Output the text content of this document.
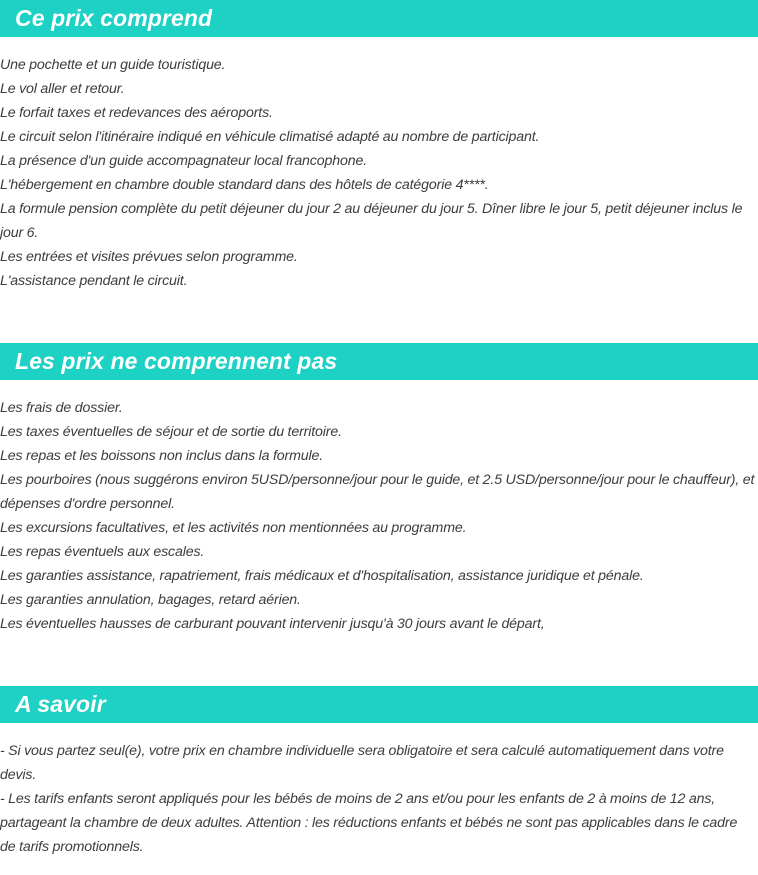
Ce prix comprend
Une pochette et un guide touristique.
Le vol aller et retour.
Le forfait taxes et redevances des aéroports.
Le circuit selon l'itinéraire indiqué en véhicule climatisé adapté au nombre de participant.
La présence d'un guide accompagnateur local francophone.
L'hébergement en chambre double standard dans des hôtels de catégorie 4****.
La formule pension complète du petit déjeuner du jour 2 au déjeuner du jour 5. Dîner libre le jour 5, petit déjeuner inclus le jour 6.
Les entrées et visites prévues selon programme.
L'assistance pendant le circuit.
Les prix ne comprennent pas
Les frais de dossier.
Les taxes éventuelles de séjour et de sortie du territoire.
Les repas et les boissons non inclus dans la formule.
Les pourboires (nous suggérons environ 5USD/personne/jour pour le guide, et 2.5 USD/personne/jour pour le chauffeur), et dépenses d'ordre personnel.
Les excursions facultatives, et les activités non mentionnées au programme.
Les repas éventuels aux escales.
Les garanties assistance, rapatriement, frais médicaux et d'hospitalisation, assistance juridique et pénale.
Les garanties annulation, bagages, retard aérien.
Les éventuelles hausses de carburant pouvant intervenir jusqu'à 30 jours avant le départ,
A savoir
- Si vous partez seul(e), votre prix en chambre individuelle sera obligatoire et sera calculé automatiquement dans votre devis.
- Les tarifs enfants seront appliqués pour les bébés de moins de 2 ans et/ou pour les enfants de 2 à moins de 12 ans, partageant la chambre de deux adultes. Attention : les réductions enfants et bébés ne sont pas applicables dans le cadre de tarifs promotionnels.
